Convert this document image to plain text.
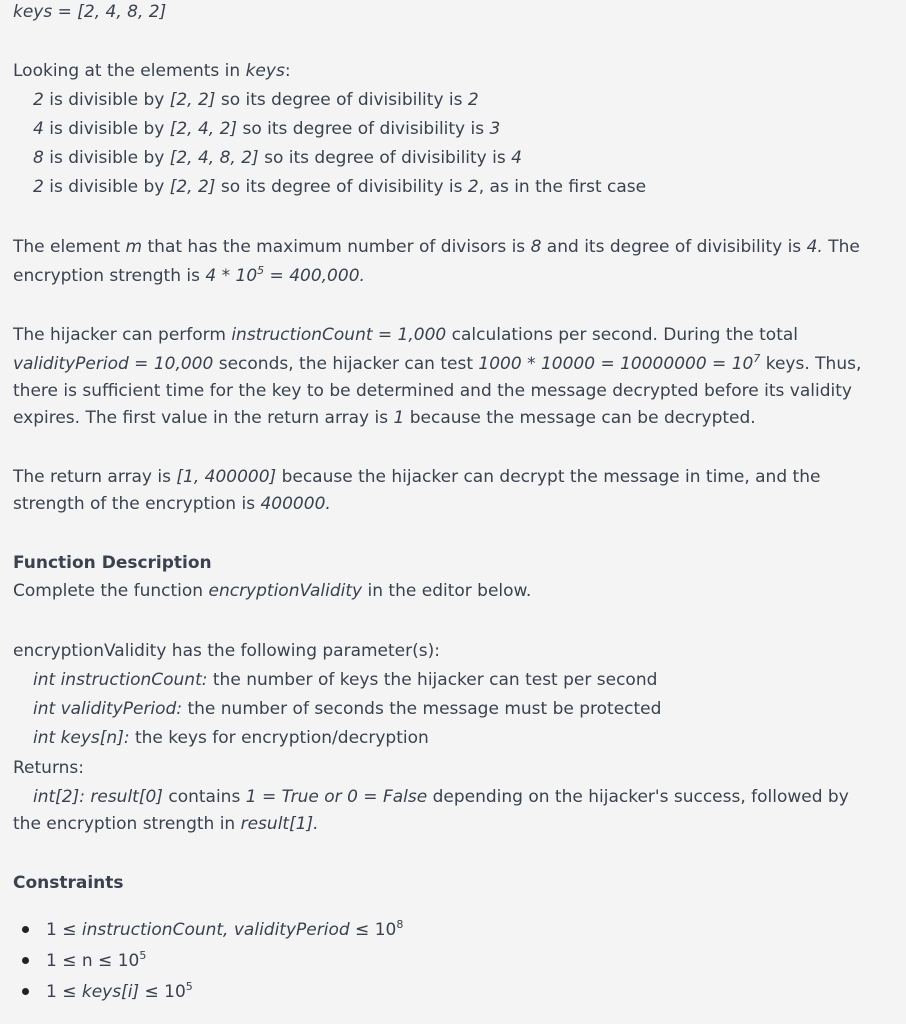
keys = [2, 4, 8, 2]
Looking at the elements in keys:
2 is divisible by [2, 2] so its degree of divisibility is 2
4 is divisible by [2, 4, 2] so its degree of divisibility is 3
8 is divisible by [2, 4, 8, 2] so its degree of divisibility is 4
2 is divisible by [2, 2] so its degree of divisibility is 2, as in the first case
The element m that has the maximum number of divisors is 8 and its degree of divisibility is 4. The
encryption strength is $4 * 10^5 = 400,000$.
The hijacker can perform instructionCount = 1,000 calculations per second. During the total
validityPeriod = 10,000 seconds, the hijacker can test $1000 * 10000 = 10000000 = 10^7$ keys. Thus,
there is sufficient time for the key to be determined and the message decrypted before its validity
expires. The first value in the return array is 1 because the message can be decrypted.
The return array is [1, 400000] because the hijacker can decrypt the message in time, and the
strength of the encryption is 400000.
Function Description
Complete the function encryptionValidity in the editor below.
encryptionValidity has the following parameter(s):
int instructionCount: the number of keys the hijacker can test per second
int validityPeriod: the number of seconds the message must be protected
int keys[n]: the keys for encryption/decryption
Returns:
int[2]: result[0] contains 1 = True or 0 = False depending on the hijacker's success, followed by
the encryption strength in result[1].
Constraints
1 ≤ instructionCount, validityPeriod ≤ $10^8$
$1 \le n \le 10^5$
1 ≤ keys[i] ≤ $10^5$
